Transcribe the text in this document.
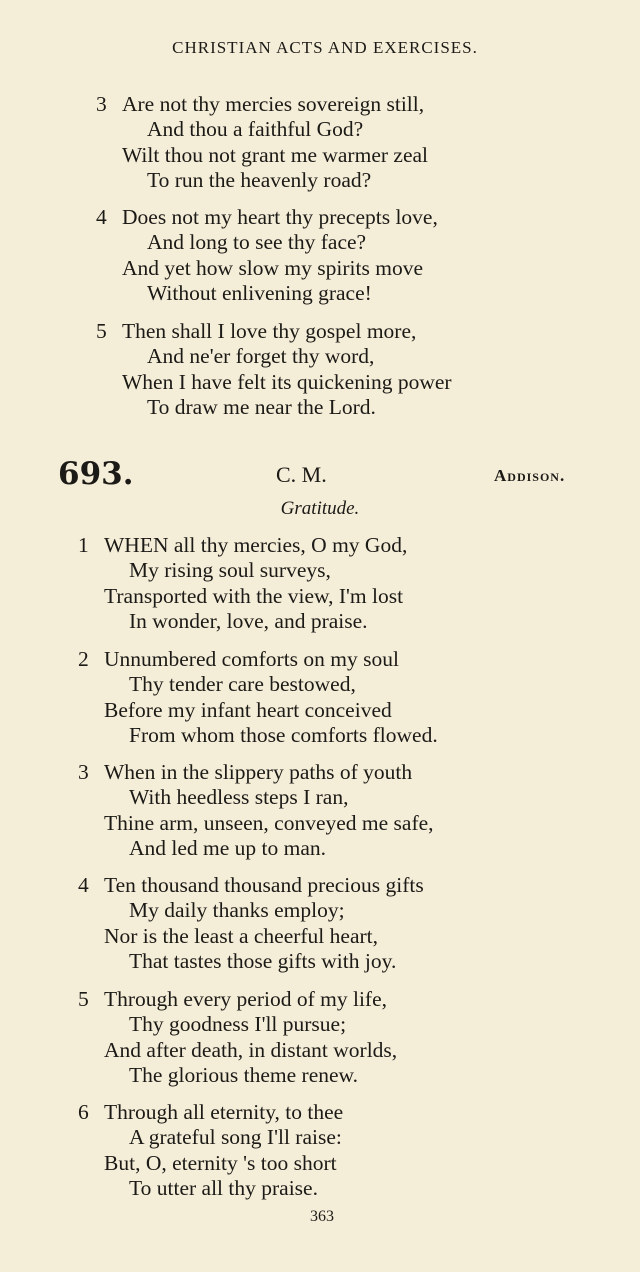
CHRISTIAN ACTS AND EXERCISES.
693.	C. M.	Addison.
Gratitude.
363
3 Are not thy mercies sovereign still,
And thou a faithful God?
Wilt thou not grant me warmer zeal
To run the heavenly road?
4 Does not my heart thy precepts love,
And long to see thy face?
And yet how slow my spirits move
Without enlivening grace!
5 Then shall I love thy gospel more,
And ne'er forget thy word,
When I have felt its quickening power
To draw me near the Lord.
1 WHEN all thy mercies, O my God,
My rising soul surveys,
Transported with the view, I'm lost
In wonder, love, and praise.
2 Unnumbered comforts on my soul
Thy tender care bestowed,
Before my infant heart conceived
From whom those comforts flowed.
3 When in the slippery paths of youth
With heedless steps I ran,
Thine arm, unseen, conveyed me safe,
And led me up to man.
4 Ten thousand thousand precious gifts
My daily thanks employ;
Nor is the least a cheerful heart,
That tastes those gifts with joy.
5 Through every period of my life,
Thy goodness I'll pursue;
And after death, in distant worlds,
The glorious theme renew.
6 Through all eternity, to thee
A grateful song I'll raise:
But, O, eternity 's too short
To utter all thy praise.
